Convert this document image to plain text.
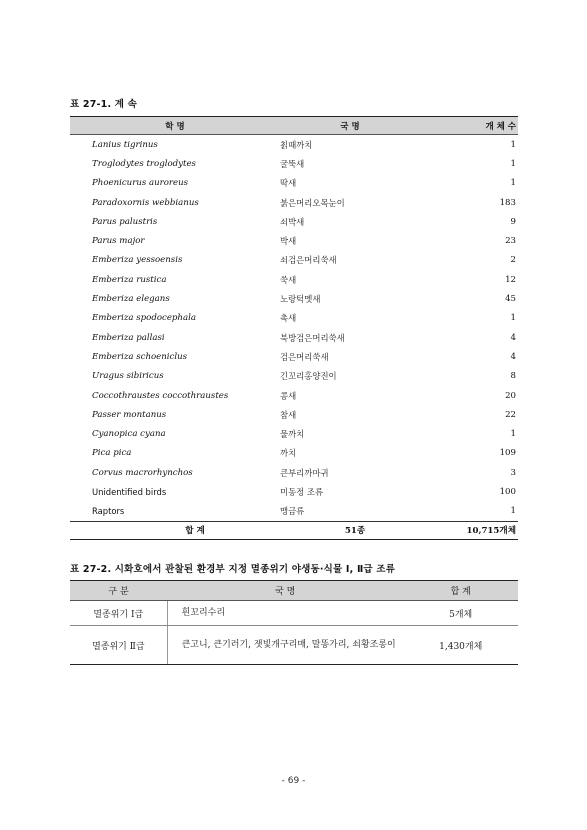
표 27-1. 계 속
학 명	국 명	개 체 수
Lanius tigrinus	칡때까치	1
Troglodytes troglodytes	굴뚝새	1
Phoenicurus auroreus	딱새	1
Paradoxornis webbianus	붉은머리오목눈이	183
Parus palustris	쇠박새	9
Parus major	박새	23
Emberiza yessoensis	쇠검은머리쑥새	2
Emberiza rustica	쑥새	12
Emberiza elegans	노랑턱멧새	45
Emberiza spodocephala	촉새	1
Emberiza pallasi	북방검은머리쑥새	4
Emberiza schoeniclus	검은머리쑥새	4
Uragus sibiricus	긴꼬리홍양진이	8
Coccothraustes coccothraustes	콩새	20
Passer montanus	참새	22
Cyanopica cyana	물까치	1
Pica pica	까치	109
Corvus macrorhynchos	큰부리까마귀	3
Unidentified birds	미동정 조류	100
Raptors	맹금류	1
합 계	51종	10,715개체
표 27-2. 시화호에서 관찰된 환경부 지정 멸종위기 야생동·식물 Ⅰ, Ⅱ급 조류
구 분	국 명	합 계
멸종위기 Ⅰ급	흰꼬리수리	5개체
멸종위기 Ⅱ급	큰고니, 큰기러기, 잿빛개구리매, 말똥가리, 쇠황조롱이	1,430개체
- 69 -
